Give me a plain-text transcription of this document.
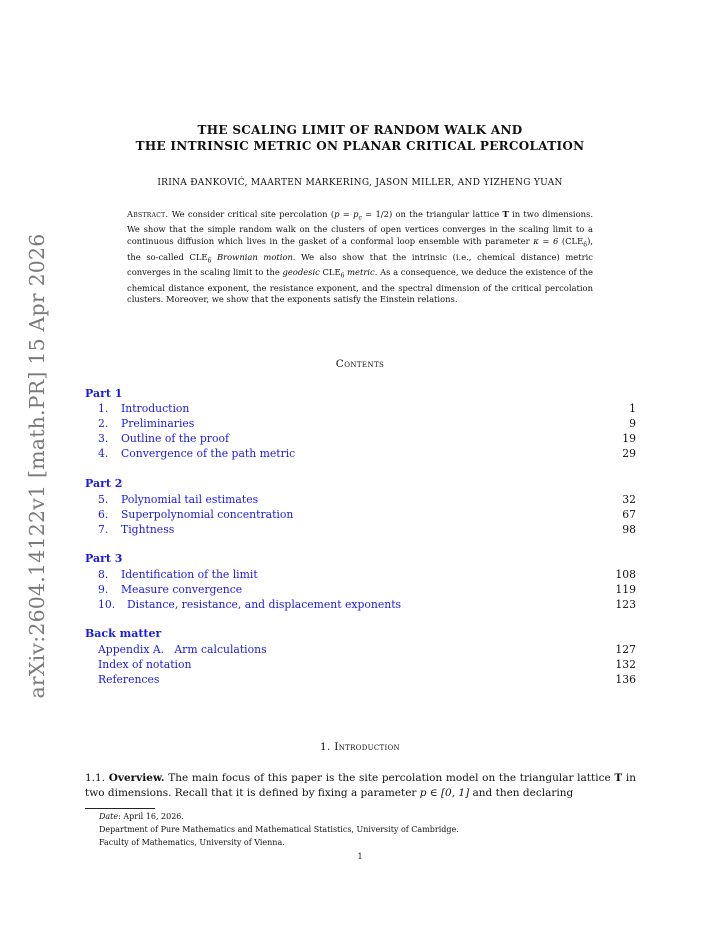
arXiv:2604.14122v1 [math.PR] 15 Apr 2026
THE SCALING LIMIT OF RANDOM WALK AND
THE INTRINSIC METRIC ON PLANAR CRITICAL PERCOLATION
IRINA ĐANKOVIĆ, MAARTEN MARKERING, JASON MILLER, AND YIZHENG YUAN
Abstract. We consider critical site percolation $(p = p_c = 1/2)$ on the triangular lattice T in two dimensions. We show that the simple random walk on the clusters of open vertices converges in the scaling limit to a continuous diffusion which lives in the gasket of a conformal loop ensemble with parameter κ = 6 $(CLE_6)$, the so-called $CLE_6$ Brownian motion. We also show that the intrinsic (i.e., chemical distance) metric converges in the scaling limit to the geodesic $CLE_6$ metric. As a consequence, we deduce the existence of the chemical distance exponent, the resistance exponent, and the spectral dimension of the critical percolation clusters. Moreover, we show that the exponents satisfy the Einstein relations.
Contents
Part 1
1. Introduction	1
2. Preliminaries	9
3. Outline of the proof	19
4. Convergence of the path metric	29
Part 2
5. Polynomial tail estimates	32
6. Superpolynomial concentration	67
7. Tightness	98
Part 3
8. Identification of the limit	108
9. Measure convergence	119
10. Distance, resistance, and displacement exponents	123
Back matter
Appendix A.   Arm calculations	127
Index of notation	132
References	136
1. Introduction
1.1. Overview. The main focus of this paper is the site percolation model on the triangular lattice T in two dimensions. Recall that it is defined by fixing a parameter p ∈ [0, 1] and then declaring
Date: April 16, 2026.
Department of Pure Mathematics and Mathematical Statistics, University of Cambridge.
Faculty of Mathematics, University of Vienna.
1
